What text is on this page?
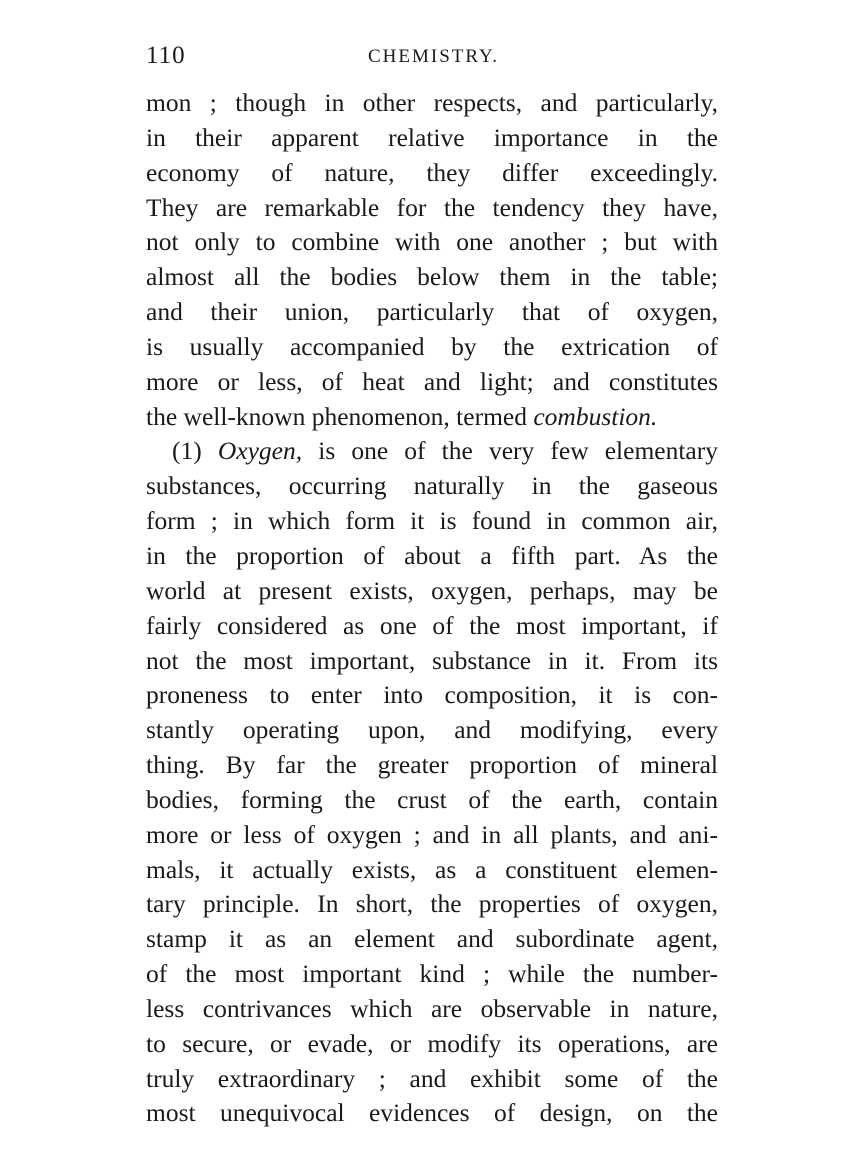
110	CHEMISTRY.
mon ; though in other respects, and particularly,
in their apparent relative importance in the
economy of nature, they differ exceedingly.
They are remarkable for the tendency they have,
not only to combine with one another ; but with
almost all the bodies below them in the table;
and their union, particularly that of oxygen,
is usually accompanied by the extrication of
more or less, of heat and light; and constitutes
the well-known phenomenon, termed combustion.
(1) Oxygen, is one of the very few elementary
substances, occurring naturally in the gaseous
form ; in which form it is found in common air,
in the proportion of about a fifth part. As the
world at present exists, oxygen, perhaps, may be
fairly considered as one of the most important, if
not the most important, substance in it. From its
proneness to enter into composition, it is con-
stantly operating upon, and modifying, every
thing. By far the greater proportion of mineral
bodies, forming the crust of the earth, contain
more or less of oxygen ; and in all plants, and ani-
mals, it actually exists, as a constituent elemen-
tary principle. In short, the properties of oxygen,
stamp it as an element and subordinate agent,
of the most important kind ; while the number-
less contrivances which are observable in nature,
to secure, or evade, or modify its operations, are
truly extraordinary ; and exhibit some of the
most unequivocal evidences of design, on the
